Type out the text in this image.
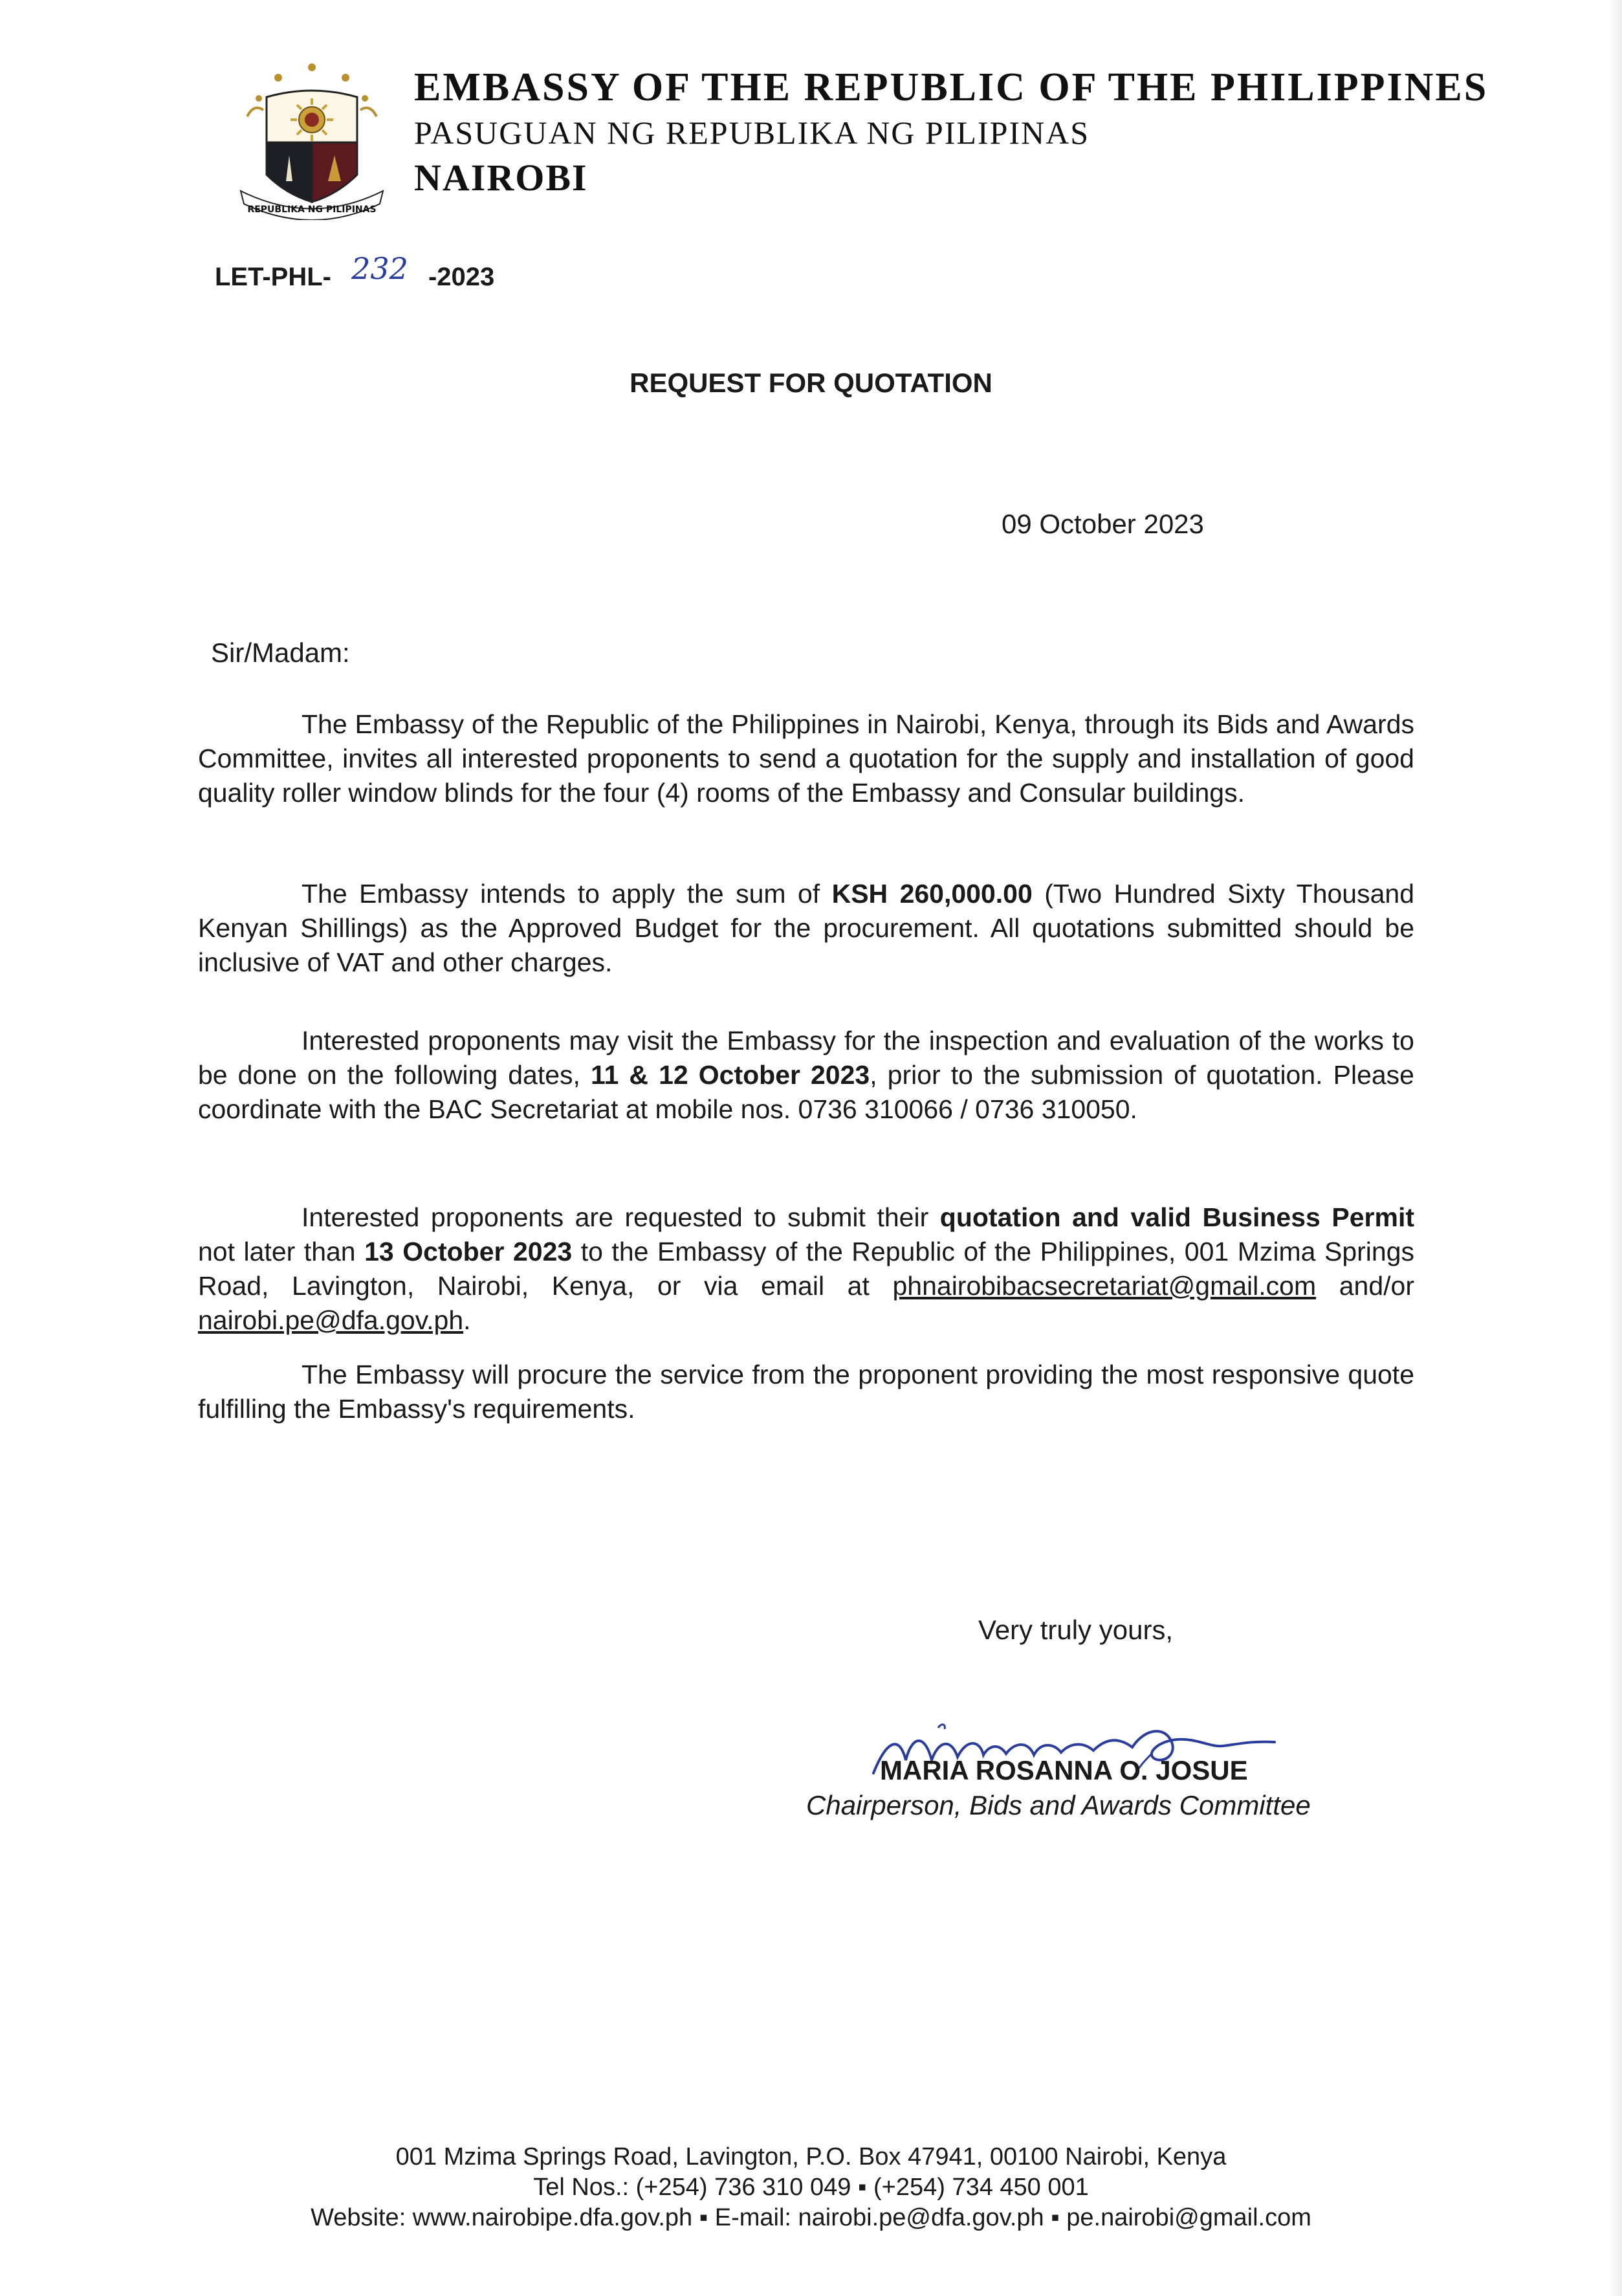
REPUBLIKA NG PILIPINAS
EMBASSY OF THE REPUBLIC OF THE PHILIPPINES
PASUGUAN NG REPUBLIKA NG PILIPINAS
NAIROBI
LET-PHL- 232 -2023
REQUEST FOR QUOTATION
09 October 2023
Sir/Madam:

The Embassy of the Republic of the Philippines in Nairobi, Kenya, through its Bids and Awards Committee, invites all interested proponents to send a quotation for the supply and installation of good quality roller window blinds for the four (4) rooms of the Embassy and Consular buildings.

The Embassy intends to apply the sum of KSH 260,000.00 (Two Hundred Sixty Thousand Kenyan Shillings) as the Approved Budget for the procurement. All quotations submitted should be inclusive of VAT and other charges.

Interested proponents may visit the Embassy for the inspection and evaluation of the works to be done on the following dates, 11 & 12 October 2023, prior to the submission of quotation. Please coordinate with the BAC Secretariat at mobile nos. 0736 310066 / 0736 310050.

Interested proponents are requested to submit their quotation and valid Business Permit not later than 13 October 2023 to the Embassy of the Republic of the Philippines, 001 Mzima Springs Road, Lavington, Nairobi, Kenya, or via email at phnairobibacsecretariat@gmail.com and/or nairobi.pe@dfa.gov.ph.

The Embassy will procure the service from the proponent providing the most responsive quote fulfilling the Embassy's requirements.

Very truly yours,
MARIA ROSANNA O. JOSUE
Chairperson, Bids and Awards Committee
001 Mzima Springs Road, Lavington, P.O. Box 47941, 00100 Nairobi, Kenya
Tel Nos.: (+254) 736 310 049 ▪ (+254) 734 450 001
Website: www.nairobipe.dfa.gov.ph ▪ E-mail: nairobi.pe@dfa.gov.ph ▪ pe.nairobi@gmail.com
